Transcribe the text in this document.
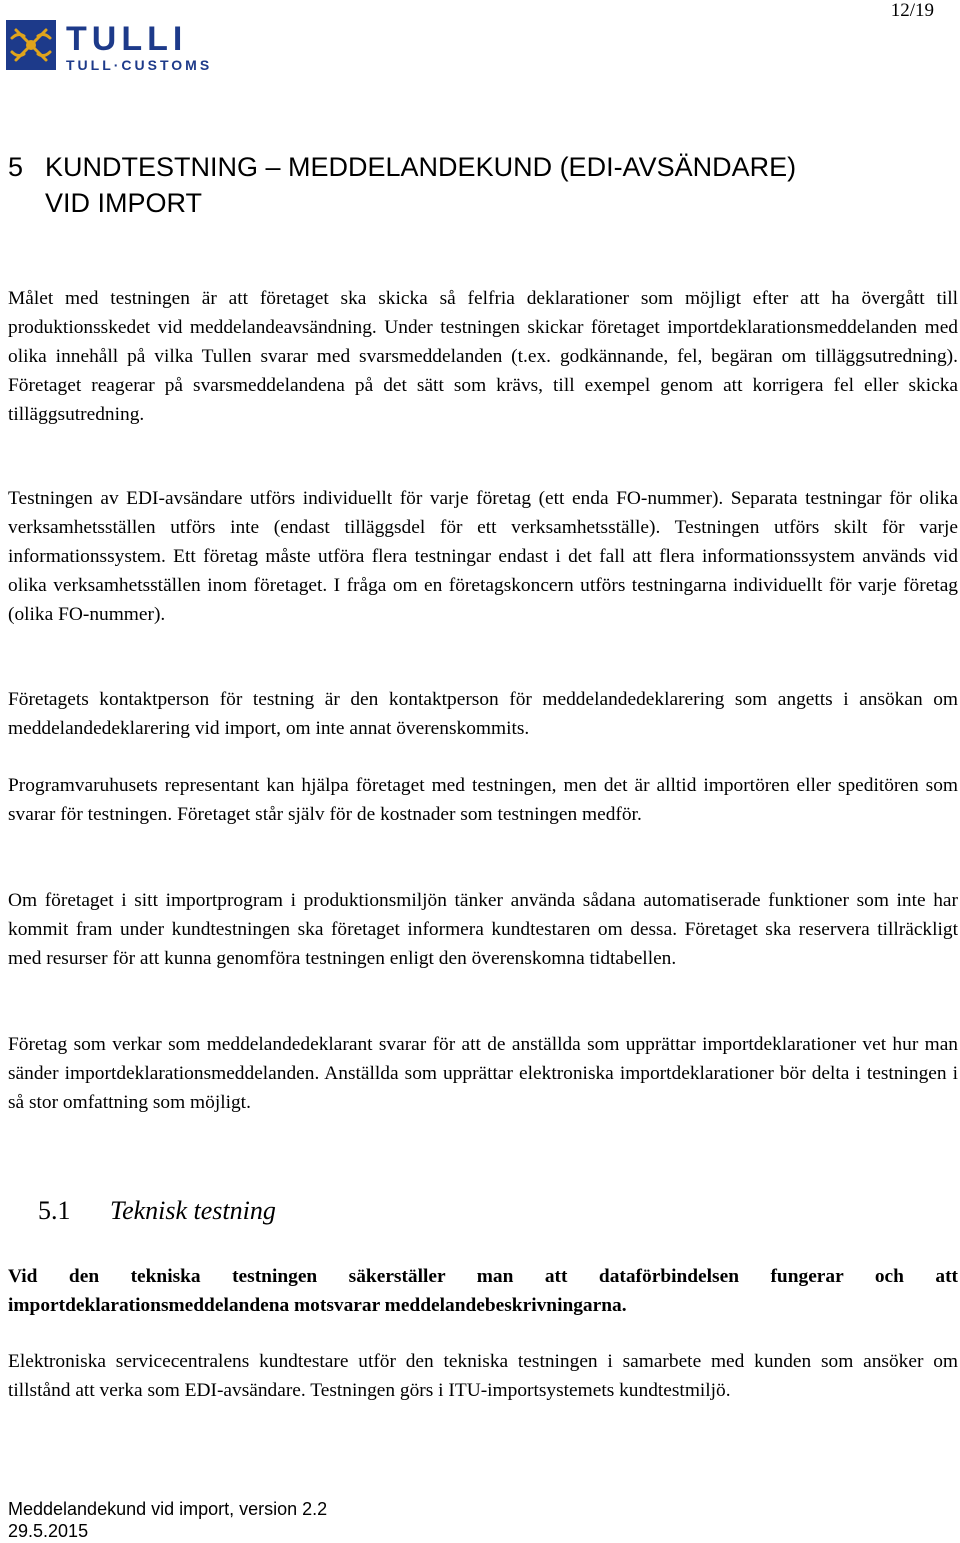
12/19
TULLI
TULL·CUSTOMS
5 KUNDTESTNING – MEDDELANDEKUND (EDI-AVSÄNDARE)
VID IMPORT

Målet med testningen är att företaget ska skicka så felfria deklarationer som möjligt efter att ha övergått till produktionsskedet vid meddelandeavsändning. Under testningen skickar företaget importdeklarationsmeddelanden med olika innehåll på vilka Tullen svarar med svarsmeddelanden (t.ex. godkännande, fel, begäran om tilläggsutredning). Företaget reagerar på svarsmeddelandena på det sätt som krävs, till exempel genom att korrigera fel eller skicka tilläggsutredning.

Testningen av EDI-avsändare utförs individuellt för varje företag (ett enda FO-nummer). Separata testningar för olika verksamhetsställen utförs inte (endast tilläggsdel för ett verksamhetsställe). Testningen utförs skilt för varje informationssystem. Ett företag måste utföra flera testningar endast i det fall att flera informationssystem används vid olika verksamhetsställen inom företaget. I fråga om en företagskoncern utförs testningarna individuellt för varje företag (olika FO-nummer).

Företagets kontaktperson för testning är den kontaktperson för meddelandedeklarering som angetts i ansökan om meddelandedeklarering vid import, om inte annat överenskommits.

Programvaruhusets representant kan hjälpa företaget med testningen, men det är alltid importören eller speditören som svarar för testningen. Företaget står själv för de kostnader som testningen medför.

Om företaget i sitt importprogram i produktionsmiljön tänker använda sådana automatiserade funktioner som inte har kommit fram under kundtestningen ska företaget informera kundtestaren om dessa. Företaget ska reservera tillräckligt med resurser för att kunna genomföra testningen enligt den överenskomna tidtabellen.

Företag som verkar som meddelandedeklarant svarar för att de anställda som upprättar importdeklarationer vet hur man sänder importdeklarationsmeddelanden. Anställda som upprättar elektroniska importdeklarationer bör delta i testningen i så stor omfattning som möjligt.

5.1 Teknisk testning

Vid den tekniska testningen säkerställer man att dataförbindelsen fungerar och att importdeklarationsmeddelandena motsvarar meddelandebeskrivningarna.

Elektroniska servicecentralens kundtestare utför den tekniska testningen i samarbete med kunden som ansöker om tillstånd att verka som EDI-avsändare. Testningen görs i ITU-importsystemets kundtestmiljö.

Meddelandekund vid import, version 2.2
29.5.2015
